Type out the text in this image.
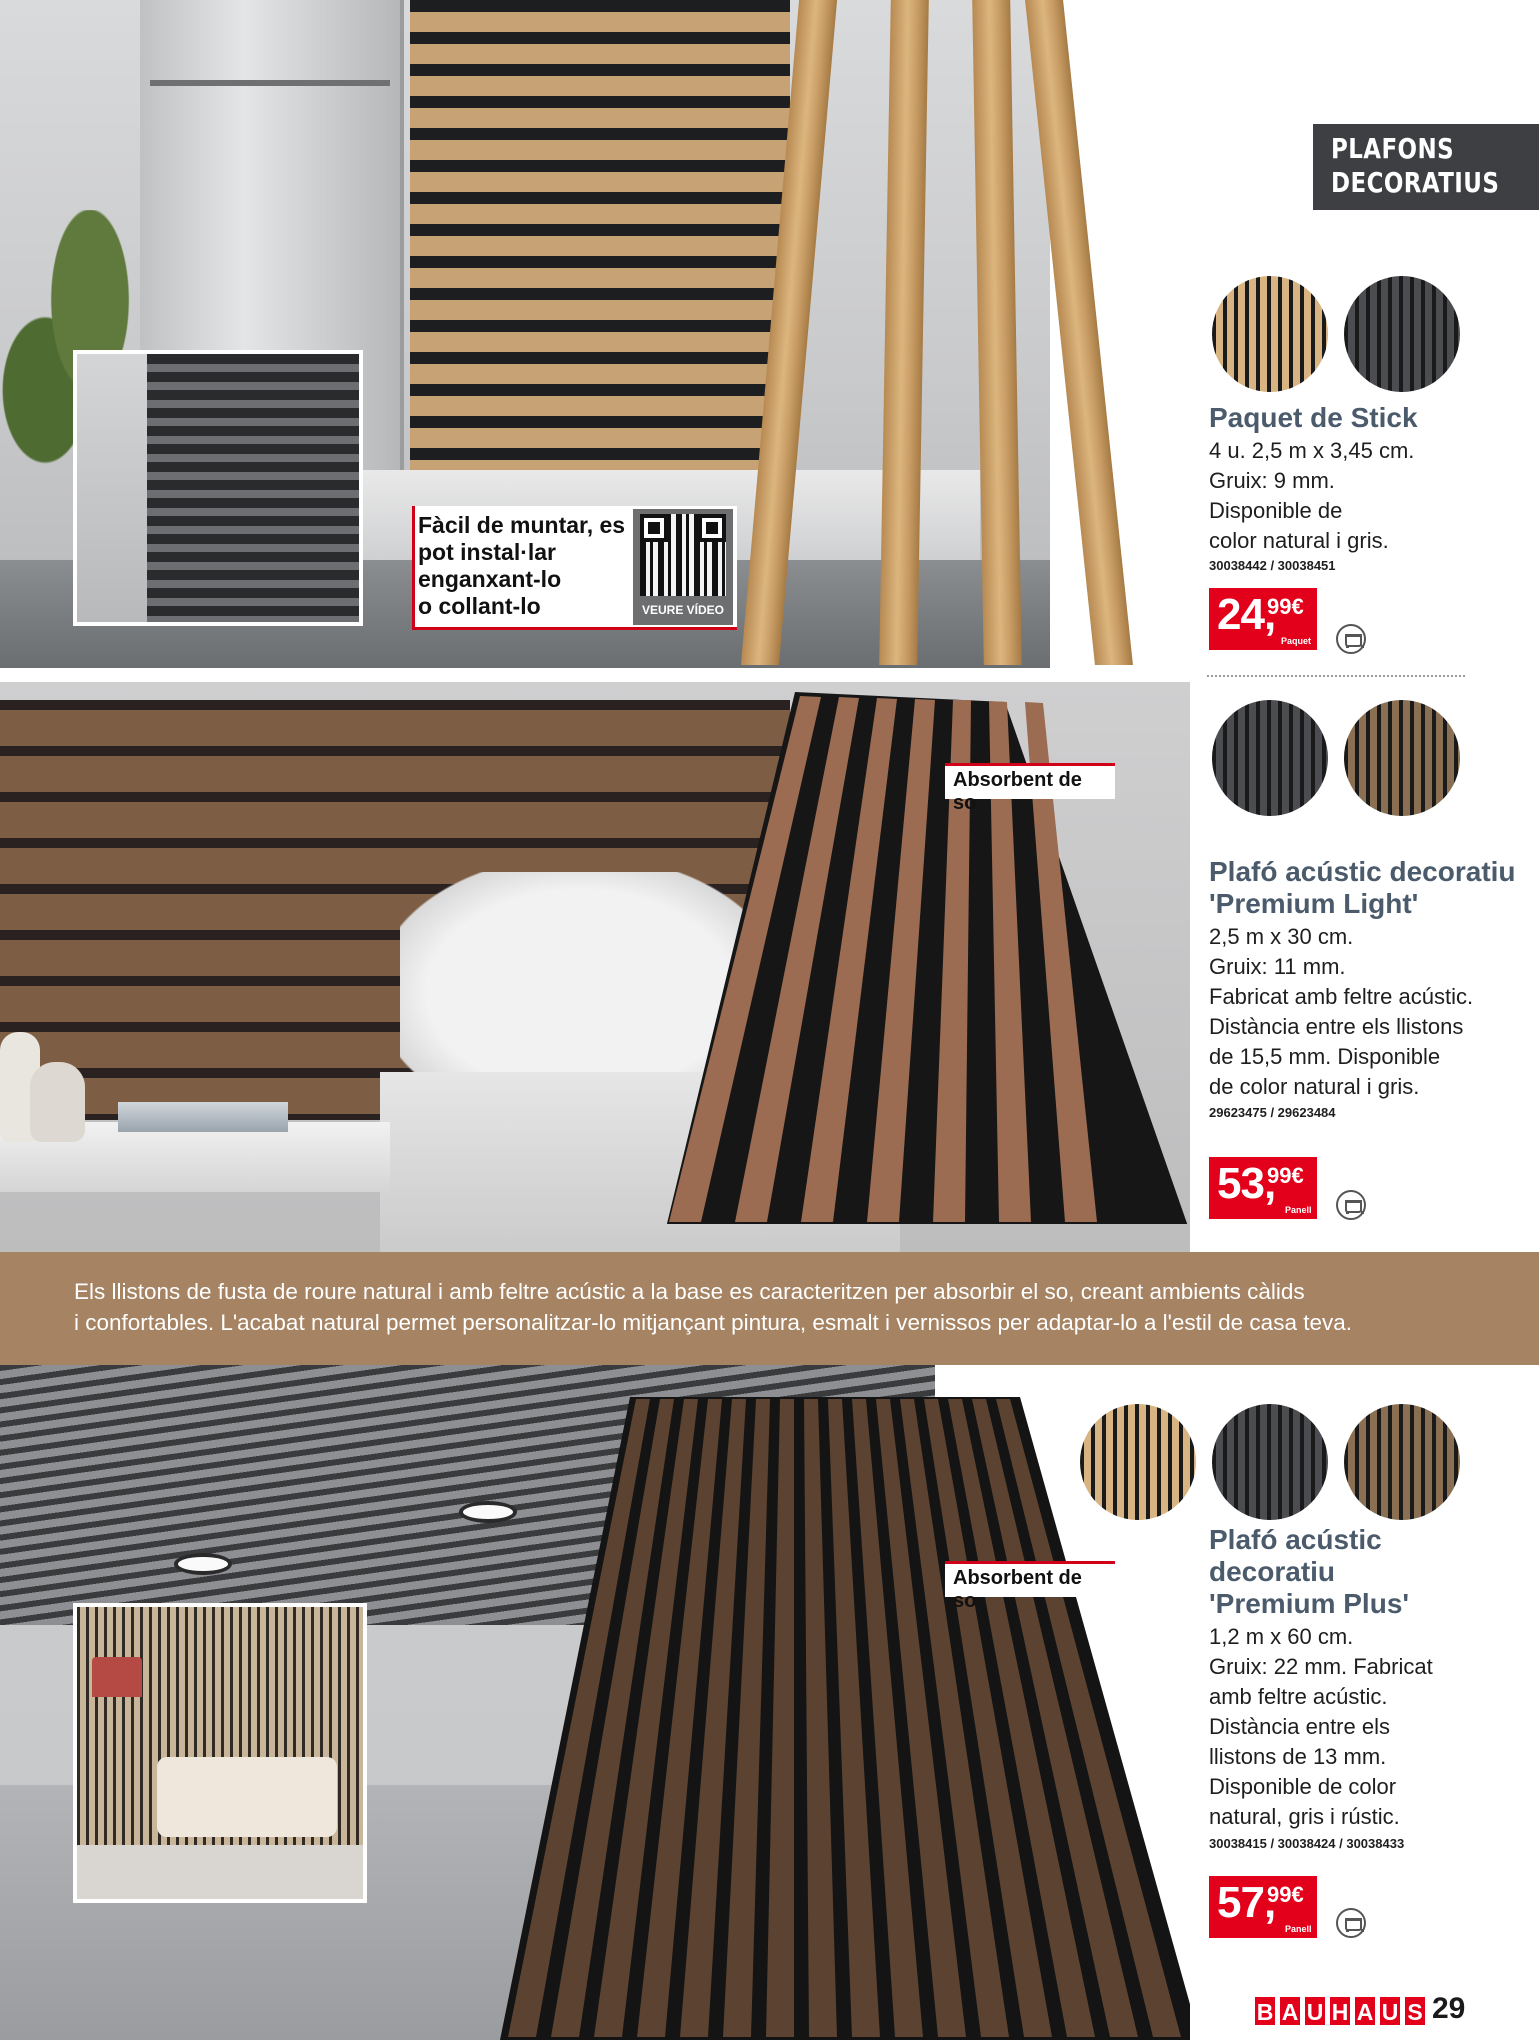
Fàcil de muntar, es
pot instal·lar
enganxant-lo
o collant-lo	VEURE VÍDEO
PLAFONS
DECORATIUS
Paquet de Stick
4 u. 2,5 m x 3,45 cm.
Gruix: 9 mm.
Disponible de
color natural i gris.
30038442 / 30038451
24,
99€
Paquet
Absorbent de so
Plafó acústic decoratiu
'Premium Light'
2,5 m x 30 cm.
Gruix: 11 mm.
Fabricat amb feltre acústic.
Distància entre els llistons
de 15,5 mm. Disponible
de color natural i gris.
29623475 / 29623484
53,
99€
Panell
Els llistons de fusta de roure natural i amb feltre acústic a la base es caracteritzen per absorbir el so, creant ambients càlids
i confortables. L'acabat natural permet personalitzar-lo mitjançant pintura, esmalt i vernissos per adaptar-lo a l'estil de casa teva.
Absorbent de so
Plafó acústic
decoratiu
'Premium Plus'
1,2 m x 60 cm.
Gruix: 22 mm. Fabricat
amb feltre acústic.
Distància entre els
llistons de 13 mm.
Disponible de color
natural, gris i rústic.
30038415 / 30038424 / 30038433
57,
99€
Panell
B A U H A U S 29
